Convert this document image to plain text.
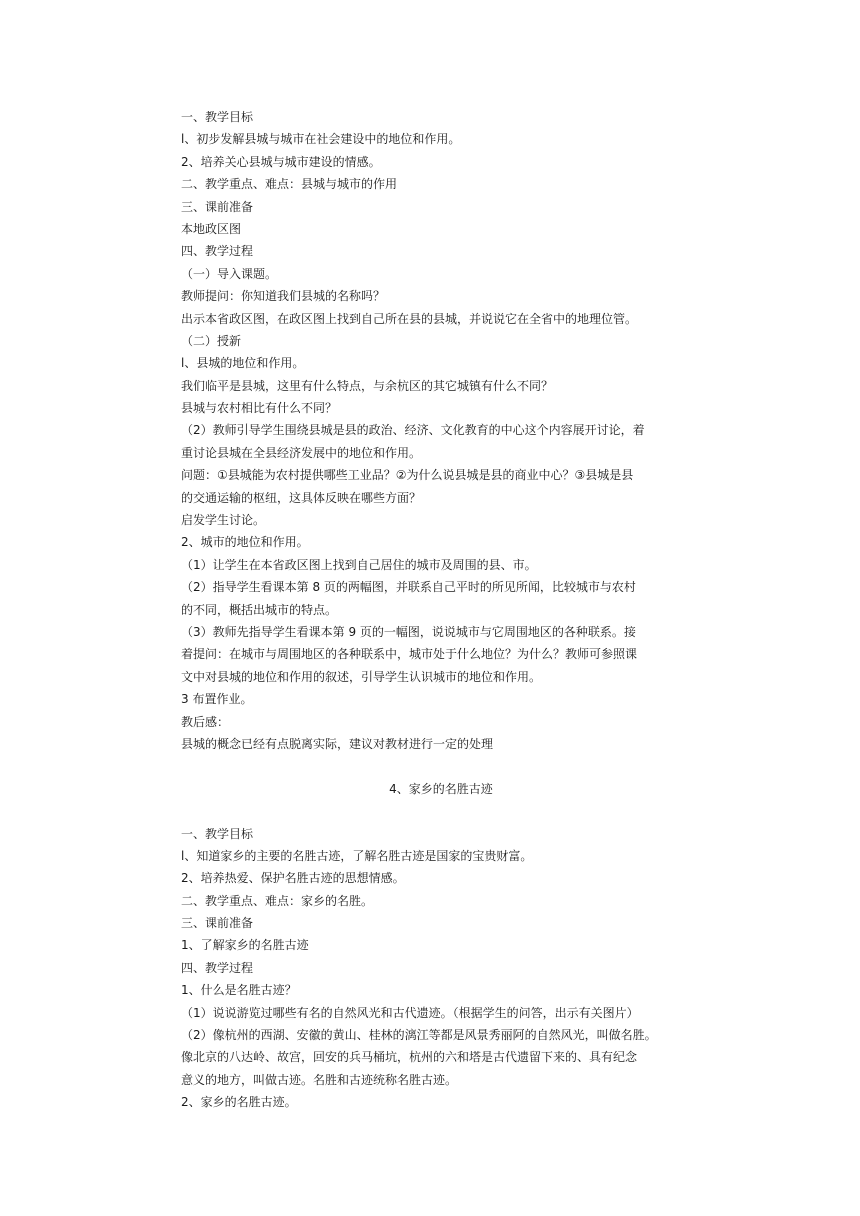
一、教学目标
l、初步发解县城与城市在社会建设中的地位和作用。
2、培养关心县城与城市建设的情感。
二、教学重点、难点：县城与城市的作用
三、课前准备
本地政区图
四、教学过程
（一）导入课题。
教师提问：你知道我们县城的名称吗？
出示本省政区图，在政区图上找到自己所在县的县城，并说说它在全省中的地理位管。
（二）授新
l、县城的地位和作用。
我们临平是县城，这里有什么特点，与余杭区的其它城镇有什么不同？
县城与农村相比有什么不同？
（2）教师引导学生围绕县城是县的政治、经济、文化教育的中心这个内容展开讨论，着
重讨论县城在全县经济发展中的地位和作用。
问题：①县城能为农村提供哪些工业品？②为什么说县城是县的商业中心？③县城是县
的交通运输的枢纽，这具体反映在哪些方面？
启发学生讨论。
2、城市的地位和作用。
（1）让学生在本省政区图上找到自己居住的城市及周围的县、市。
（2）指导学生看课本第 8 页的两幅图，并联系自己平时的所见所闻，比较城市与农村
的不同，概括出城市的特点。
（3）教师先指导学生看课本第 9 页的一幅图，说说城市与它周围地区的各种联系。接
着提问：在城市与周围地区的各种联系中，城市处于什么地位？为什么？教师可参照课
文中对县城的地位和作用的叙述，引导学生认识城市的地位和作用。
3 布置作业。
教后感：
县城的概念已经有点脱离实际，建议对教材进行一定的处理
4、家乡的名胜古迹
一、教学目标
l、知道家乡的主要的名胜古迹，了解名胜古迹是国家的宝贵财富。
2、培养热爱、保护名胜古迹的思想情感。
二、教学重点、难点：家乡的名胜。
三、课前准备
1、了解家乡的名胜古迹
四、教学过程
1、什么是名胜古迹？
（1）说说游览过哪些有名的自然风光和古代遗迹。（根据学生的问答，出示有关图片）
（2）像杭州的西湖、安徽的黄山、桂林的漓江等都是风景秀丽阿的自然风光，叫做名胜。
像北京的八达岭、故宫，回安的兵马桶坑，杭州的六和塔是古代遗留下来的、具有纪念
意义的地方，叫做古迹。名胜和古迹统称名胜古迹。
2、家乡的名胜古迹。
